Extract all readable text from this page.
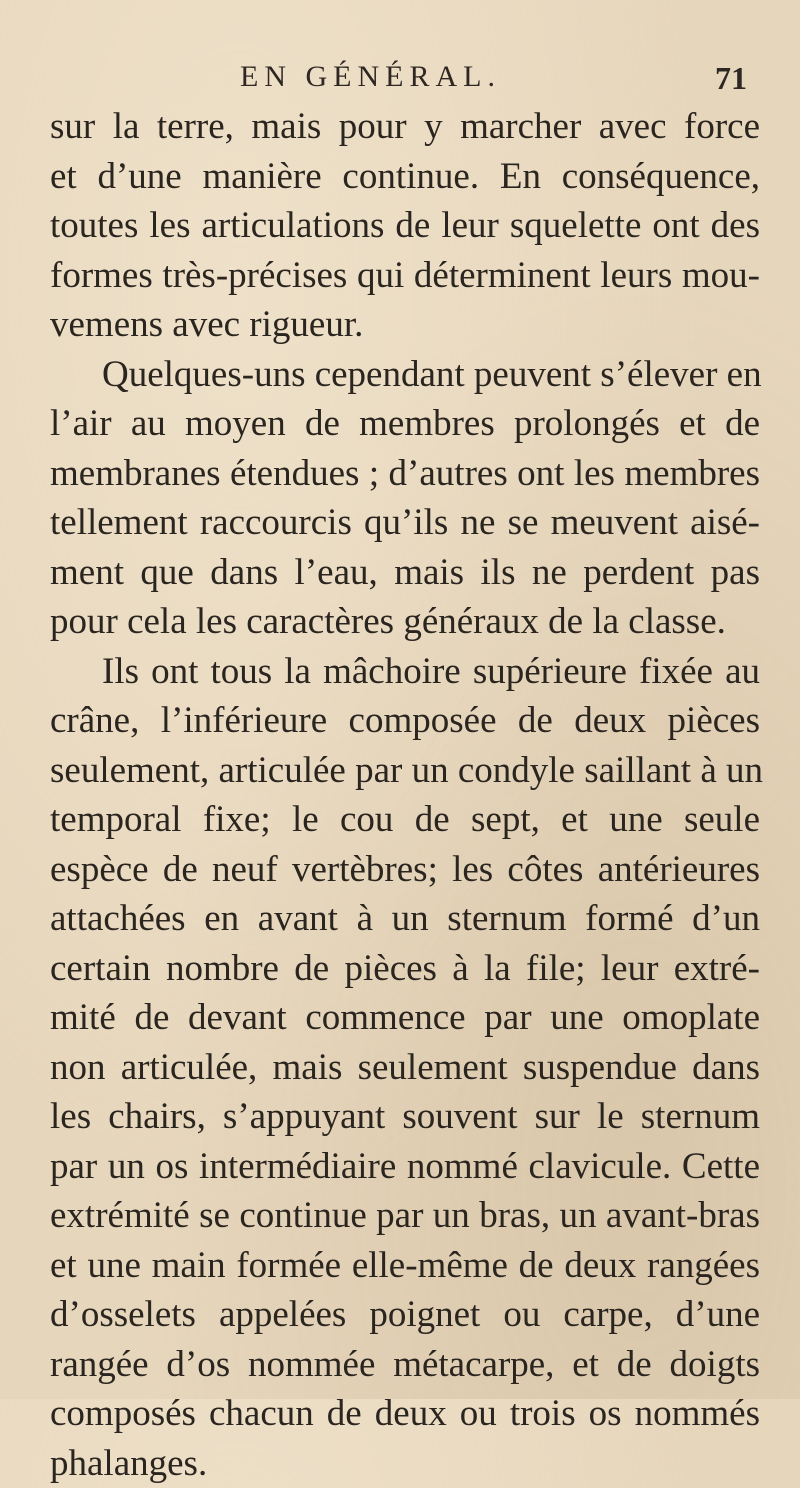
EN GÉNÉRAL.	71
sur la terre, mais pour y marcher avec force
et d’une manière continue. En conséquence,
toutes les articulations de leur squelette ont des
formes très-précises qui déterminent leurs mou-
vemens avec rigueur.
Quelques-uns cependant peuvent s’élever en
l’air au moyen de membres prolongés et de
membranes étendues ; d’autres ont les membres
tellement raccourcis qu’ils ne se meuvent aisé-
ment que dans l’eau, mais ils ne perdent pas
pour cela les caractères généraux de la classe.
Ils ont tous la mâchoire supérieure fixée au
crâne, l’inférieure composée de deux pièces
seulement, articulée par un condyle saillant à un
temporal fixe; le cou de sept, et une seule
espèce de neuf vertèbres; les côtes antérieures
attachées en avant à un sternum formé d’un
certain nombre de pièces à la file; leur extré-
mité de devant commence par une omoplate
non articulée, mais seulement suspendue dans
les chairs, s’appuyant souvent sur le sternum
par un os intermédiaire nommé clavicule. Cette
extrémité se continue par un bras, un avant-bras
et une main formée elle-même de deux rangées
d’osselets appelées poignet ou carpe, d’une
rangée d’os nommée métacarpe, et de doigts
composés chacun de deux ou trois os nommés
phalanges.
